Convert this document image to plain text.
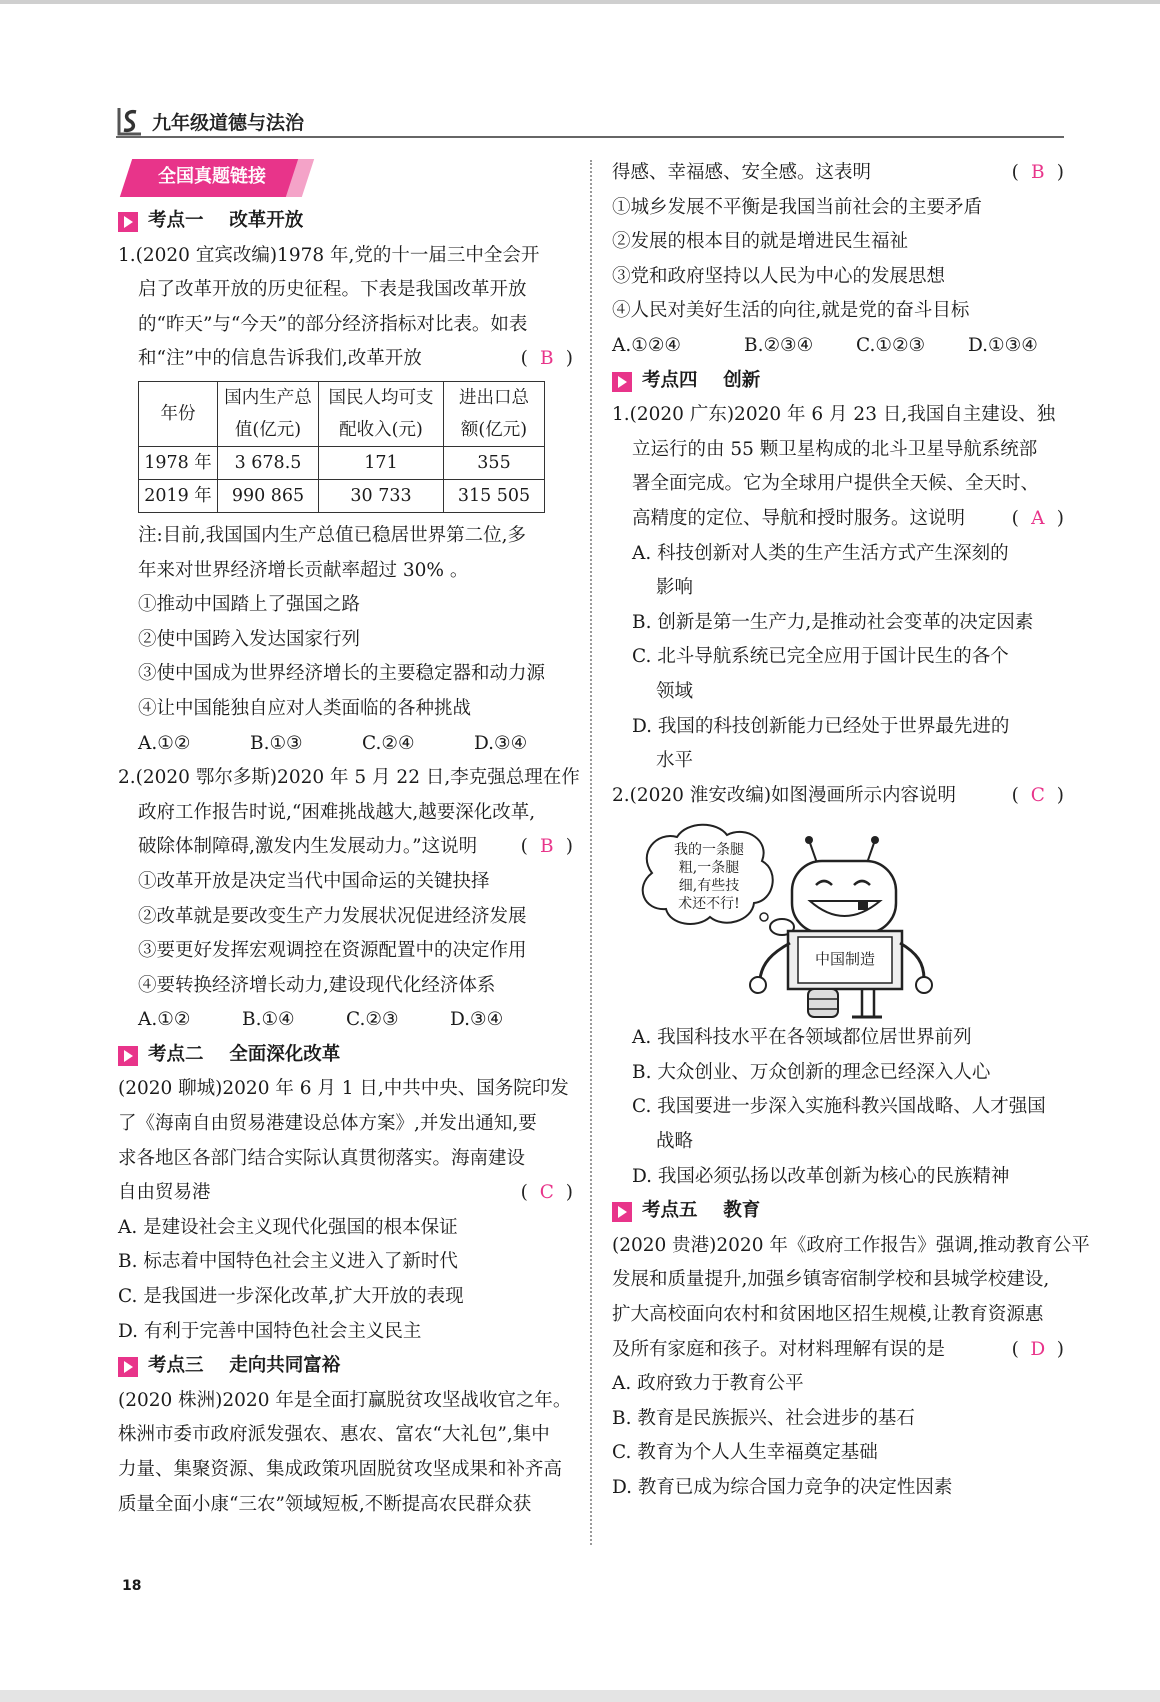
九年级道德与法治
全国真题链接
考点一 改革开放
1.(2020 宜宾改编)1978 年,党的十一届三中全会开
启了改革开放的历史征程。下表是我国改革开放
的“昨天”与“今天”的部分经济指标对比表。如表
和“注”中的信息告诉我们,改革开放	( B )
年份	国内生产总	国民人均可支	进出口总
	值(亿元)	配收入(元)	额(亿元)
1978 年	3 678.5	171	355
2019 年	990 865	30 733	315 505
注:目前,我国国内生产总值已稳居世界第二位,多
年来对世界经济增长贡献率超过 30% 。
①推动中国踏上了强国之路
②使中国跨入发达国家行列
③使中国成为世界经济增长的主要稳定器和动力源
④让中国能独自应对人类面临的各种挑战
A.①②	B.①③	C.②④	D.③④
2.(2020 鄂尔多斯)2020 年 5 月 22 日,李克强总理在作
政府工作报告时说,“困难挑战越大,越要深化改革,
破除体制障碍,激发内生发展动力。”这说明 ( B )
①改革开放是决定当代中国命运的关键抉择
②改革就是要改变生产力发展状况促进经济发展
③要更好发挥宏观调控在资源配置中的决定作用
④要转换经济增长动力,建设现代化经济体系
A.①②	B.①④	C.②③	D.③④
考点二 全面深化改革
(2020 聊城)2020 年 6 月 1 日,中共中央、国务院印发
了《海南自由贸易港建设总体方案》,并发出通知,要
求各地区各部门结合实际认真贯彻落实。海南建设
自由贸易港	( C )
A. 是建设社会主义现代化强国的根本保证
B. 标志着中国特色社会主义进入了新时代
C. 是我国进一步深化改革,扩大开放的表现
D. 有利于完善中国特色社会主义民主
考点三 走向共同富裕
(2020 株洲)2020 年是全面打赢脱贫攻坚战收官之年。
株洲市委市政府派发强农、惠农、富农“大礼包”,集中
力量、集聚资源、集成政策巩固脱贫攻坚成果和补齐高
质量全面小康“三农”领域短板,不断提高农民群众获
得感、幸福感、安全感。这表明	( B )
①城乡发展不平衡是我国当前社会的主要矛盾
②发展的根本目的就是增进民生福祉
③党和政府坚持以人民为中心的发展思想
④人民对美好生活的向往,就是党的奋斗目标
A.①②④	B.②③④ C.①②③ D.①③④
考点四 创新
1.(2020 广东)2020 年 6 月 23 日,我国自主建设、独
立运行的由 55 颗卫星构成的北斗卫星导航系统部
署全面完成。它为全球用户提供全天候、全天时、
高精度的定位、导航和授时服务。这说明	( A )
A. 科技创新对人类的生产生活方式产生深刻的
影响
B. 创新是第一生产力,是推动社会变革的决定因素
C. 北斗导航系统已完全应用于国计民生的各个
领域
D. 我国的科技创新能力已经处于世界最先进的
水平
2.(2020 淮安改编)如图漫画所示内容说明	( C )
我的一条腿
粗,一条腿
细,有些技
术还不行!
中国制造
A. 我国科技水平在各领域都位居世界前列
B. 大众创业、万众创新的理念已经深入人心
C. 我国要进一步深入实施科教兴国战略、人才强国
战略
D. 我国必须弘扬以改革创新为核心的民族精神
考点五 教育
(2020 贵港)2020 年《政府工作报告》强调,推动教育公平
发展和质量提升,加强乡镇寄宿制学校和县城学校建设,
扩大高校面向农村和贫困地区招生规模,让教育资源惠
及所有家庭和孩子。对材料理解有误的是	( D )
A. 政府致力于教育公平
B. 教育是民族振兴、社会进步的基石
C. 教育为个人人生幸福奠定基础
D. 教育已成为综合国力竞争的决定性因素
18
